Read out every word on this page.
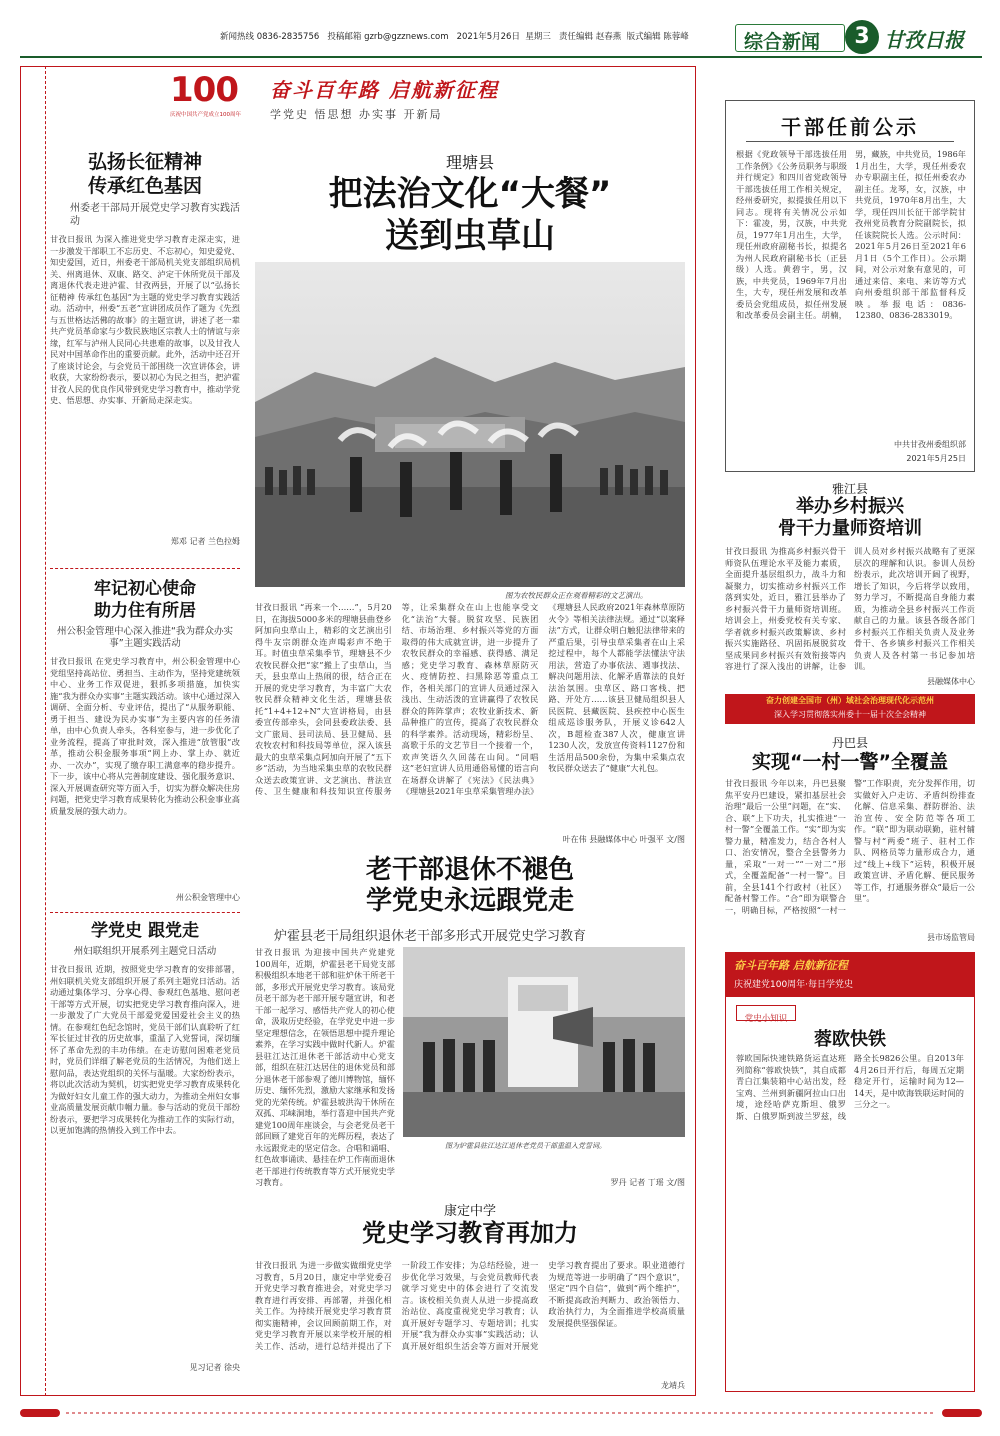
新闻热线 0836-2835756 投稿邮箱 gzrb@gzznews.com 2021年5月26日 星期三 责任编辑 赵春燕 版式编辑 陈蓉峰	综合新闻	3 甘孜日报
100
庆祝中国共产党成立100周年
奋斗百年路 启航新征程
学党史 悟思想 办实事 开新局
弘扬长征精神
传承红色基因
州委老干部局开展党史学习教育实践活动
甘孜日报讯 为深入推进党史学习教育走深走实，进一步激发干部职工不忘历史、不忘初心，知史爱党、知史爱国，近日，州委老干部局机关党支部组织局机关、州离退休、双康、路交、泸定干休所党员干部及离退休代表走进泸霍、甘孜两县，开展了以“弘扬长征精神 传承红色基因”为主题的党史学习教育实践活动。活动中，州委“五老”宣讲团成员作了题为《先烈与五世格达活佛的故事》的主题宣讲，讲述了老一辈共产党员革命家与少数民族地区宗教人士的情谊与亲缘，红军与泸州人民同心共患难的故事，以及甘孜人民对中国革命作出的重要贡献。此外，活动中还召开了座谈讨论会，与会党员干部围绕一次宣讲体会，讲收获，大家纷纷表示，要以初心为民之担当，把泸霍甘孜人民的优良作风带到党史学习教育中，推动学党史、悟思想、办实事、开新局走深走实。
郑邓 记者 兰色拉姆
牢记初心使命
助力住有所居
州公积金管理中心深入推进“我为群众办实事”主题实践活动
甘孜日报讯 在党史学习教育中，州公积金管理中心党组坚持高站位、勇担当、主动作为，坚持党建统领中心、业务工作双促进，狠抓多项措施，加快实施“我为群众办实事”主题实践活动。该中心通过深入调研、全面分析、专业评估，提出了“从服务职能、勇于担当、建设为民办实事”为主要内容的任务清单，由中心负责人牵头，各科室参与，进一步优化了业务流程，提高了审批时效，深入推进“放管服”改革，推动公积金服务事项“网上办、掌上办、就近办、一次办”，实现了缴存职工满意率的稳步提升。下一步，该中心将从完善制度建设、强化服务意识、深入开展调查研究等方面入手，切实为群众解决住房问题，把党史学习教育成果转化为推动公积金事业高质量发展的强大动力。
州公积金管理中心
学党史 跟党走
州妇联组织开展系列主题党日活动
甘孜日报讯 近期，按照党史学习教育的安排部署，州妇联机关党支部组织开展了系列主题党日活动。活动通过集体学习、分享心得、参观红色基地、慰问老干部等方式开展，切实把党史学习教育推向深入，进一步激发了广大党员干部爱党爱国爱社会主义的热情。在参观红色纪念馆时，党员干部们认真聆听了红军长征过甘孜的历史故事，重温了入党誓词，深切缅怀了革命先烈的丰功伟绩。在走访慰问困难老党员时，党员们详细了解老党员的生活情况，为他们送上慰问品，表达党组织的关怀与温暖。大家纷纷表示，将以此次活动为契机，切实把党史学习教育成果转化为做好妇女儿童工作的强大动力，为推动全州妇女事业高质量发展贡献巾帼力量。参与活动的党员干部纷纷表示，要把学习成果转化为推动工作的实际行动，以更加饱满的热情投入到工作中去。
见习记者 徐央
理塘县
把法治文化“大餐”
送到虫草山
图为农牧民群众正在观看精彩的文艺演出。
甘孜日报讯 “再来一个……”，5月20日，在海拔5000多米的理塘县曲登乡阿加向虫草山上，精彩的文艺演出引得牛友宗朗群众连声喝彩声不绝于耳。时值虫草采集季节，理塘县不少农牧民群众把“家”搬上了虫草山，当天，县虫草山上热闹的很，结合正在开展的党史学习教育，为丰富广大农牧民群众精神文化生活，理塘县依托“1+4+12+N”大宣讲格局，由县委宣传部牵头，会同县委政法委、县文广旅局、县司法局、县卫健局、县农牧农村和科技局等单位，深入该县最大的虫草采集点阿加向开展了“五下乡”活动，为当地采集虫草的农牧民群众送去政策宣讲、文艺演出、普法宣传、卫生健康和科技知识宣传服务等，让采集群众在山上也能享受文化“法治”大餐。脱贫攻坚、民族团结、市场治理、乡村振兴等党的方面取得的伟大成就宣讲，进一步提升了农牧民群众的幸福感、获得感、满足感；党史学习教育、森林草原防灭火、疫情防控、扫黑除恶等重点工作，各相关部门的宣讲人员通过深入浅出、生动活泼的宣讲赢得了农牧民群众的阵阵掌声；农牧业新技术、新品种推广的宣传，提高了农牧民群众的科学素养。活动现场，精彩纷呈、高歌于乐的文艺节目一个接着一个，欢声笑语久久回荡在山间。“同唱这”老妇宣讲人员用通俗易懂的语言向在场群众讲解了《宪法》《民法典》《理塘县2021年虫草采集管理办法》《理塘县人民政府2021年森林草原防火令》等相关法律法规。通过“以案释法”方式，让群众明白触犯法律带来的严重后果，引导虫草采集者在山上采挖过程中，每个人都能学法懂法守法用法，营造了办事依法、遇事找法、解决问题用法、化解矛盾靠法的良好法治氛围。虫草区、路口客栈、把路、开处方……该县卫健局组织县人民医院、县藏医院、县疾控中心医生组成巡诊服务队，开展义诊642人次，B超检查387人次，健康宣讲1230人次，发放宣传资料1127份和生活用品500余份，为集中采集点农牧民群众送去了“健康”大礼包。
叶在伟 县融媒体中心 叶强平 文/图
老干部退休不褪色
学党史永远跟党走
炉霍县老干局组织退休老干部多形式开展党史学习教育
甘孜日报讯 为迎接中国共产党建党100周年，近期，炉霍县老干局党支部积极组织本地老干部和驻炉休干所老干部，多形式开展党史学习教育。该局党员老干部为老干部开展专题宣讲，和老干部一起学习、感悟共产党人的初心使命，汲取历史经验，在学党史中进一步坚定理想信念，在领悟思想中提升理论素养，在学习实践中做时代新人。炉霍县驻江达江退休老干部活动中心党支部，组织在驻江达居住的退休党员和部分退休老干部参观了德川博物馆，缅怀历史、缅怀先烈，激励大家继承和发扬党的光荣传统。炉霍县坡洪沟干休所在双孤、邛崃洞地，举行喜迎中国共产党建党100周年座谈会，与会老党员老干部回顾了建党百年的光辉历程，表达了永远跟党走的坚定信念。合唱和诵唱、红色故事诵读、悬挂在炉工作南面退休老干部进行传统教育等方式开展党史学习教育。
图为炉霍县驻江达江退休老党员干部重温入党誓词。
罗丹 记者 丁瑶 文/图
康定中学
党史学习教育再加力
甘孜日报讯 为进一步做实做细党史学习教育，5月20日，康定中学党委召开党史学习教育推进会，对党史学习教育进行再安排、再部署，并强化相关工作。为持续开展党史学习教育贯彻实施精神，会议回顾前期工作，对党史学习教育开展以来学校开展的相关工作、活动，进行总结并提出了下一阶段工作安排；为总结经验，进一步优化学习效果，与会党员教师代表就学习党史中的体会进行了交流发言。该校相关负责人从进一步提高政治站位、高度重视党史学习教育；认真开展好专题学习、专题培训；扎实开展“我为群众办实事”实践活动；认真开展好组织生活会等方面对开展党史学习教育提出了要求。职业道德行为规范等进一步明确了“四个意识”，坚定“四个自信”，做到“两个维护”，不断提高政治判断力、政治领悟力、政治执行力，为全面推进学校高质量发展提供坚强保证。
龙靖兵
干部任前公示
根据《党政领导干部选拔任用工作条例》《公务员职务与职级并行规定》和四川省党政领导干部选拔任用工作相关规定，经州委研究，拟提拔任用以下同志。现将有关情况公示如下：霍凌，男，汉族，中共党员，1977年1月出生，大学，现任州政府副秘书长，拟提名为州人民政府副秘书长（正县级）人选。黄碧宇，男，汉族，中共党员，1969年7月出生，大专，现任州发展和改革委员会党组成员，拟任州发展和改革委员会副主任。胡楠，男，藏族，中共党员，1986年1月出生，大学，现任州委农办专职副主任，拟任州委农办副主任。龙琴，女，汉族，中共党员，1970年8月出生，大学，现任四川长征干部学院甘孜州党员教育分院副院长，拟任该院院长人选。公示时间：2021年5月26日至2021年6月1日（5个工作日）。公示期间，对公示对象有意见的，可通过来信、来电、来访等方式向州委组织部干部监督科反映。举报电话：0836-12380、0836-2833019。
中共甘孜州委组织部
2021年5月25日
雅江县
举办乡村振兴
骨干力量师资培训
甘孜日报讯 为推高乡村振兴骨干师资队伍理论水平及能力素质，全面提升基层组织力，战斗力和凝聚力，切实推动乡村振兴工作落到实处，近日，雅江县举办了乡村振兴骨干力量师资培训班。培训会上，州委党校有关专家、学者就乡村振兴政策解读、乡村振兴实施路径、巩固拓展脱贫攻坚成果同乡村振兴有效衔接等内容进行了深入浅出的讲解，让参训人员对乡村振兴战略有了更深层次的理解和认识。参训人员纷纷表示，此次培训开阔了视野，增长了知识，今后将学以致用，努力学习，不断提高自身能力素质，为推动全县乡村振兴工作贡献自己的力量。该县各级各部门乡村振兴工作相关负责人及业务骨干、各乡镇乡村振兴工作相关负责人及各村第一书记参加培训。
县融媒体中心
奋力创建全国市（州）域社会治理现代化示范州
深入学习贯彻落实州委十一届十次全会精神
丹巴县
实现“一村一警”全覆盖
甘孜日报讯 今年以来，丹巴县聚焦平安丹巴建设，紧扣基层社会治理“最后一公里”问题，在“实、合、联”上下功夫，扎实推进“一村一警”全覆盖工作。“实”即为实警力量，精准发力，结合各村人口、治安情况，整合全县警务力量，采取“一对一”“一对二”形式，全覆盖配备“一村一警”。目前，全县141个行政村（社区）配备村警工作。“合”即为联警合一，明确目标，严格按照“一村一警”工作职责，充分发挥作用，切实做好入户走访、矛盾纠纷排查化解、信息采集、群防群治、法治宣传、安全防范等各项工作。“联”即为联动联勤，驻村辅警与村“两委”班子、驻村工作队、网格员等力量形成合力，通过“线上+线下”运转，积极开展政策宣讲、矛盾化解、便民服务等工作，打通服务群众“最后一公里”。
县市场监管局
奋斗百年路 启航新征程
庆祝建党100周年·每日学党史
党史小知识
蓉欧快铁
蓉欧国际快速铁路货运直达班列简称“蓉欧快铁”，其自成都青白江集装箱中心站出发，经宝鸡、兰州到新疆阿拉山口出境，途经哈萨克斯坦、俄罗斯、白俄罗斯到波兰罗兹，线路全长9826公里。自2013年4月26日开行后，每周五定期稳定开行，运输时间为12—14天，是中欧海铁联运时间的三分之一。
